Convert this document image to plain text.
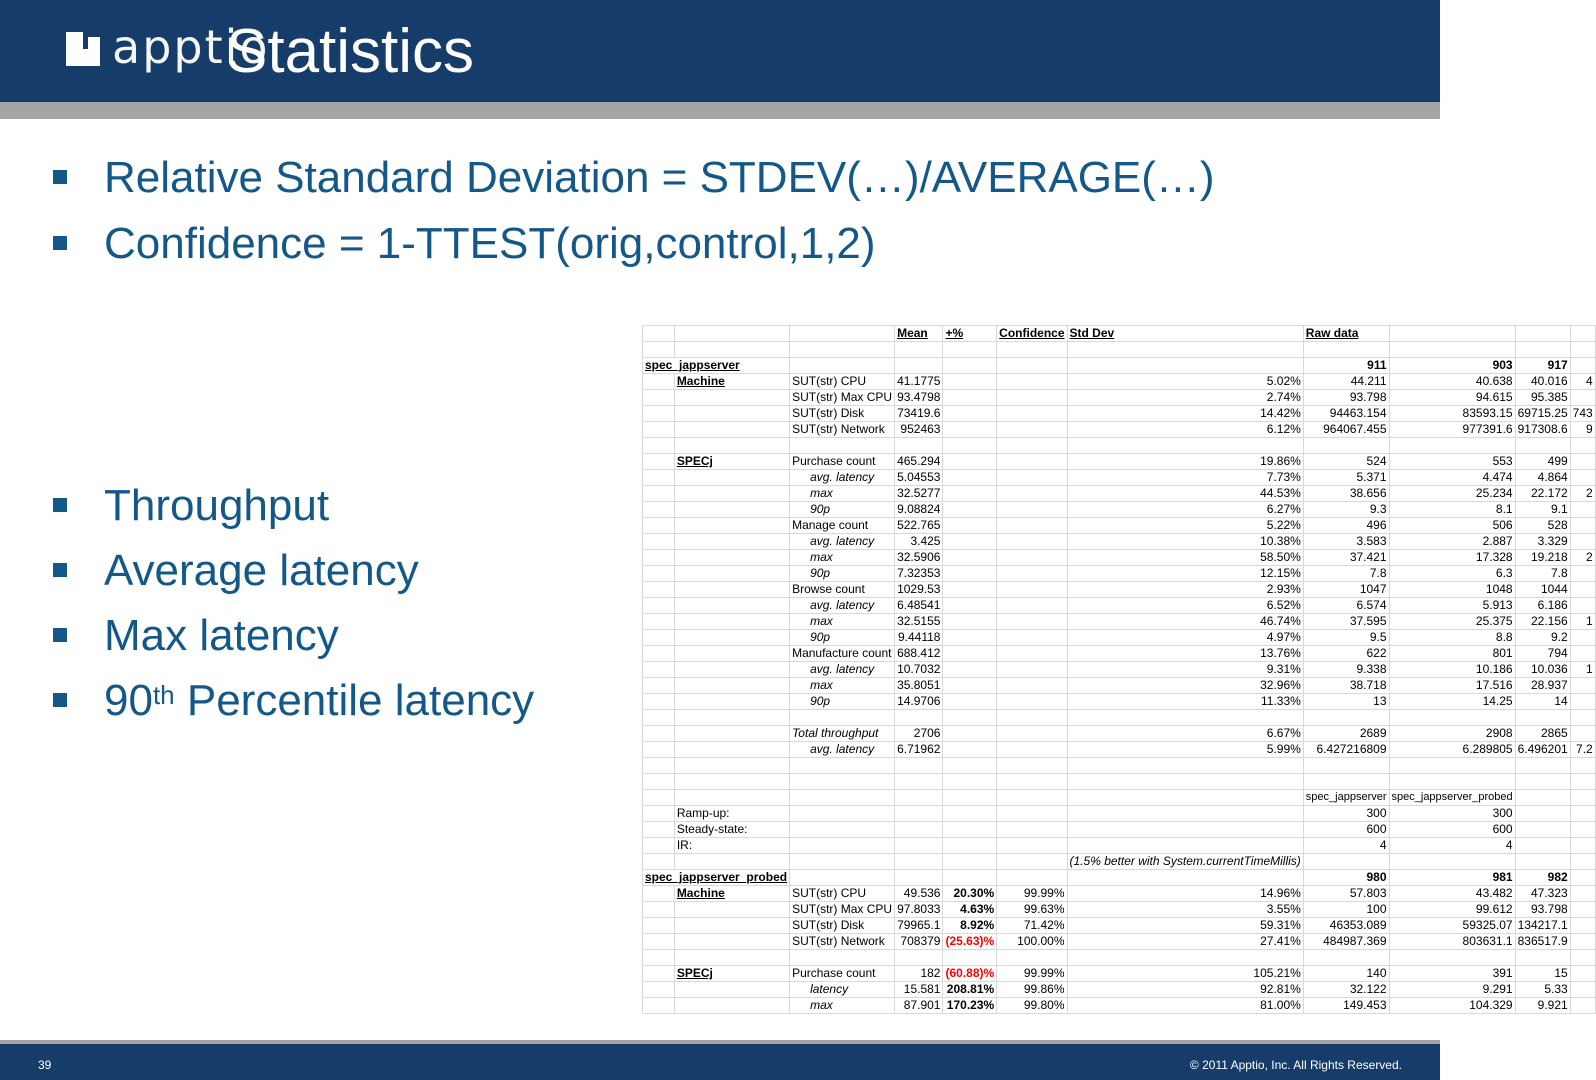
apptio
Statistics
Relative Standard Deviation = STDEV(…)/AVERAGE(…)
Confidence = 1-TTEST(orig,control,1,2)
Throughput
Average latency
Max latency
90th Percentile latency
			Mean	+%	Confidence	Std Dev	Raw data			

spec_jappserver							911	903	917	
	Machine	SUT(str) CPU	41.1775			5.02%	44.211	40.638	40.016	4
		SUT(str) Max CPU	93.4798			2.74%	93.798	94.615	95.385	
		SUT(str) Disk	73419.6			14.42%	94463.154	83593.15	69715.25	743
		SUT(str) Network	952463			6.12%	964067.455	977391.6	917308.6	9

	SPECj	Purchase count	465.294			19.86%	524	553	499	
		avg. latency	5.04553			7.73%	5.371	4.474	4.864	
		max	32.5277			44.53%	38.656	25.234	22.172	2
		90p	9.08824			6.27%	9.3	8.1	9.1	
		Manage count	522.765			5.22%	496	506	528	
		avg. latency	3.425			10.38%	3.583	2.887	3.329	
		max	32.5906			58.50%	37.421	17.328	19.218	2
		90p	7.32353			12.15%	7.8	6.3	7.8	
		Browse count	1029.53			2.93%	1047	1048	1044	
		avg. latency	6.48541			6.52%	6.574	5.913	6.186	
		max	32.5155			46.74%	37.595	25.375	22.156	1
		90p	9.44118			4.97%	9.5	8.8	9.2	
		Manufacture count	688.412			13.76%	622	801	794	
		avg. latency	10.7032			9.31%	9.338	10.186	10.036	1
		max	35.8051			32.96%	38.718	17.516	28.937	
		90p	14.9706			11.33%	13	14.25	14	

		Total throughput	2706			6.67%	2689	2908	2865	
		avg. latency	6.71962			5.99%	6.427216809	6.289805	6.496201	7.2

							spec_jappserver	spec_jappserver_probed		
	Ramp-up:						300	300		
	Steady-state:						600	600		
	IR:						4	4		
						(1.5% better with System.currentTimeMillis)				
spec_jappserver_probed							980	981	982	
	Machine	SUT(str) CPU	49.536	20.30%	99.99%	14.96%	57.803	43.482	47.323	
		SUT(str) Max CPU	97.8033	4.63%	99.63%	3.55%	100	99.612	93.798	
		SUT(str) Disk	79965.1	8.92%	71.42%	59.31%	46353.089	59325.07	134217.1	
		SUT(str) Network	708379	(25.63)%	100.00%	27.41%	484987.369	803631.1	836517.9	

	SPECj	Purchase count	182	(60.88)%	99.99%	105.21%	140	391	15	
		latency	15.581	208.81%	99.86%	92.81%	32.122	9.291	5.33	
		max	87.901	170.23%	99.80%	81.00%	149.453	104.329	9.921	
39	© 2011 Apptio, Inc. All Rights Reserved.
